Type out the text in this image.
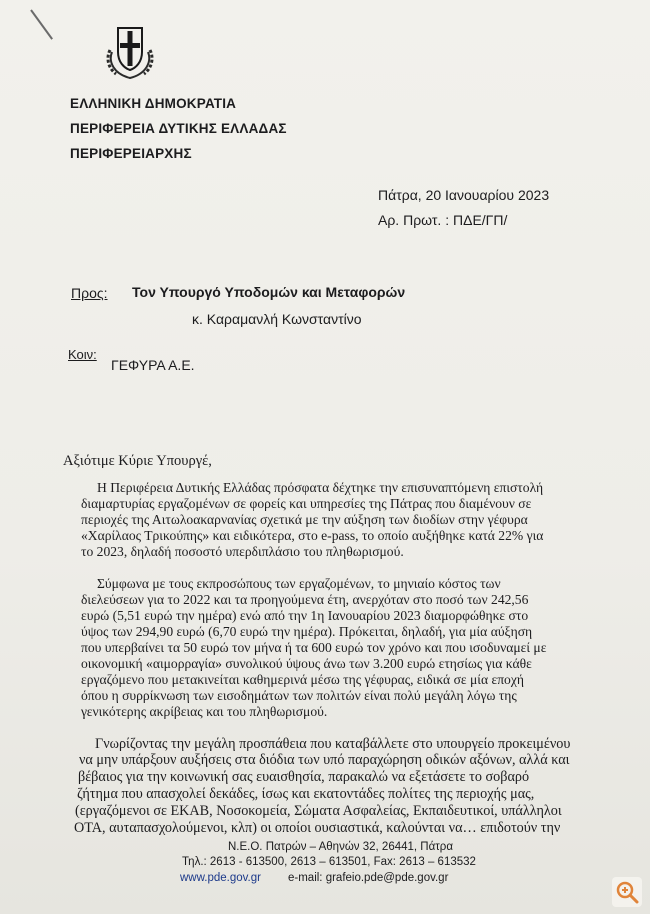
ΕΛΛΗΝΙΚΗ ΔΗΜΟΚΡΑΤΙΑ
ΠΕΡΙΦΕΡΕΙΑ ΔΥΤΙΚΗΣ ΕΛΛΑΔΑΣ
ΠΕΡΙΦΕΡΕΙΑΡΧΗΣ
Πάτρα, 20 Ιανουαρίου 2023
Αρ. Πρωτ. : ΠΔΕ/ΓΠ/
Προς: Τον Υπουργό Υποδομών και Μεταφορών
κ. Καραμανλή Κωνσταντίνο
Κοιν:
ΓΕΦΥΡΑ Α.Ε.
Αξιότιμε Κύριε Υπουργέ,
Η Περιφέρεια Δυτικής Ελλάδας πρόσφατα δέχτηκε την επισυναπτόμενη επιστολή
διαμαρτυρίας εργαζομένων σε φορείς και υπηρεσίες της Πάτρας που διαμένουν σε
περιοχές της Αιτωλοακαρνανίας σχετικά με την αύξηση των διοδίων στην γέφυρα
«Χαρίλαος Τρικούπης» και ειδικότερα, στο e-pass, το οποίο αυξήθηκε κατά 22% για
το 2023, δηλαδή ποσοστό υπερδιπλάσιο του πληθωρισμού.
Σύμφωνα με τους εκπροσώπους των εργαζομένων, το μηνιαίο κόστος των
διελεύσεων για το 2022 και τα προηγούμενα έτη, ανερχόταν στο ποσό των 242,56
ευρώ (5,51 ευρώ την ημέρα) ενώ από την 1η Ιανουαρίου 2023 διαμορφώθηκε στο
ύψος των 294,90 ευρώ (6,70 ευρώ την ημέρα). Πρόκειται, δηλαδή, για μία αύξηση
που υπερβαίνει τα 50 ευρώ τον μήνα ή τα 600 ευρώ τον χρόνο και που ισοδυναμεί με
οικονομική «αιμορραγία» συνολικού ύψους άνω των 3.200 ευρώ ετησίως για κάθε
εργαζόμενο που μετακινείται καθημερινά μέσω της γέφυρας, ειδικά σε μία εποχή
όπου η συρρίκνωση των εισοδημάτων των πολιτών είναι πολύ μεγάλη λόγω της
γενικότερης ακρίβειας και του πληθωρισμού.
Γνωρίζοντας την μεγάλη προσπάθεια που καταβάλλετε στο υπουργείο προκειμένου
να μην υπάρξουν αυξήσεις στα διόδια των υπό παραχώρηση οδικών αξόνων, αλλά και
βέβαιος για την κοινωνική σας ευαισθησία, παρακαλώ να εξετάσετε το σοβαρό
ζήτημα που απασχολεί δεκάδες, ίσως και εκατοντάδες πολίτες της περιοχής μας,
(εργαζόμενοι σε ΕΚΑΒ, Νοσοκομεία, Σώματα Ασφαλείας, Εκπαιδευτικοί, υπάλληλοι
ΟΤΑ, αυταπασχολούμενοι, κλπ) οι οποίοι ουσιαστικά, καλούνται να… επιδοτούν την
Ν.Ε.Ο. Πατρών – Αθηνών 32, 26441, Πάτρα
Τηλ.: 2613 - 613500, 2613 – 613501, Fax: 2613 – 613532
www.pde.gov.gr e-mail: grafeio.pde@pde.gov.gr
